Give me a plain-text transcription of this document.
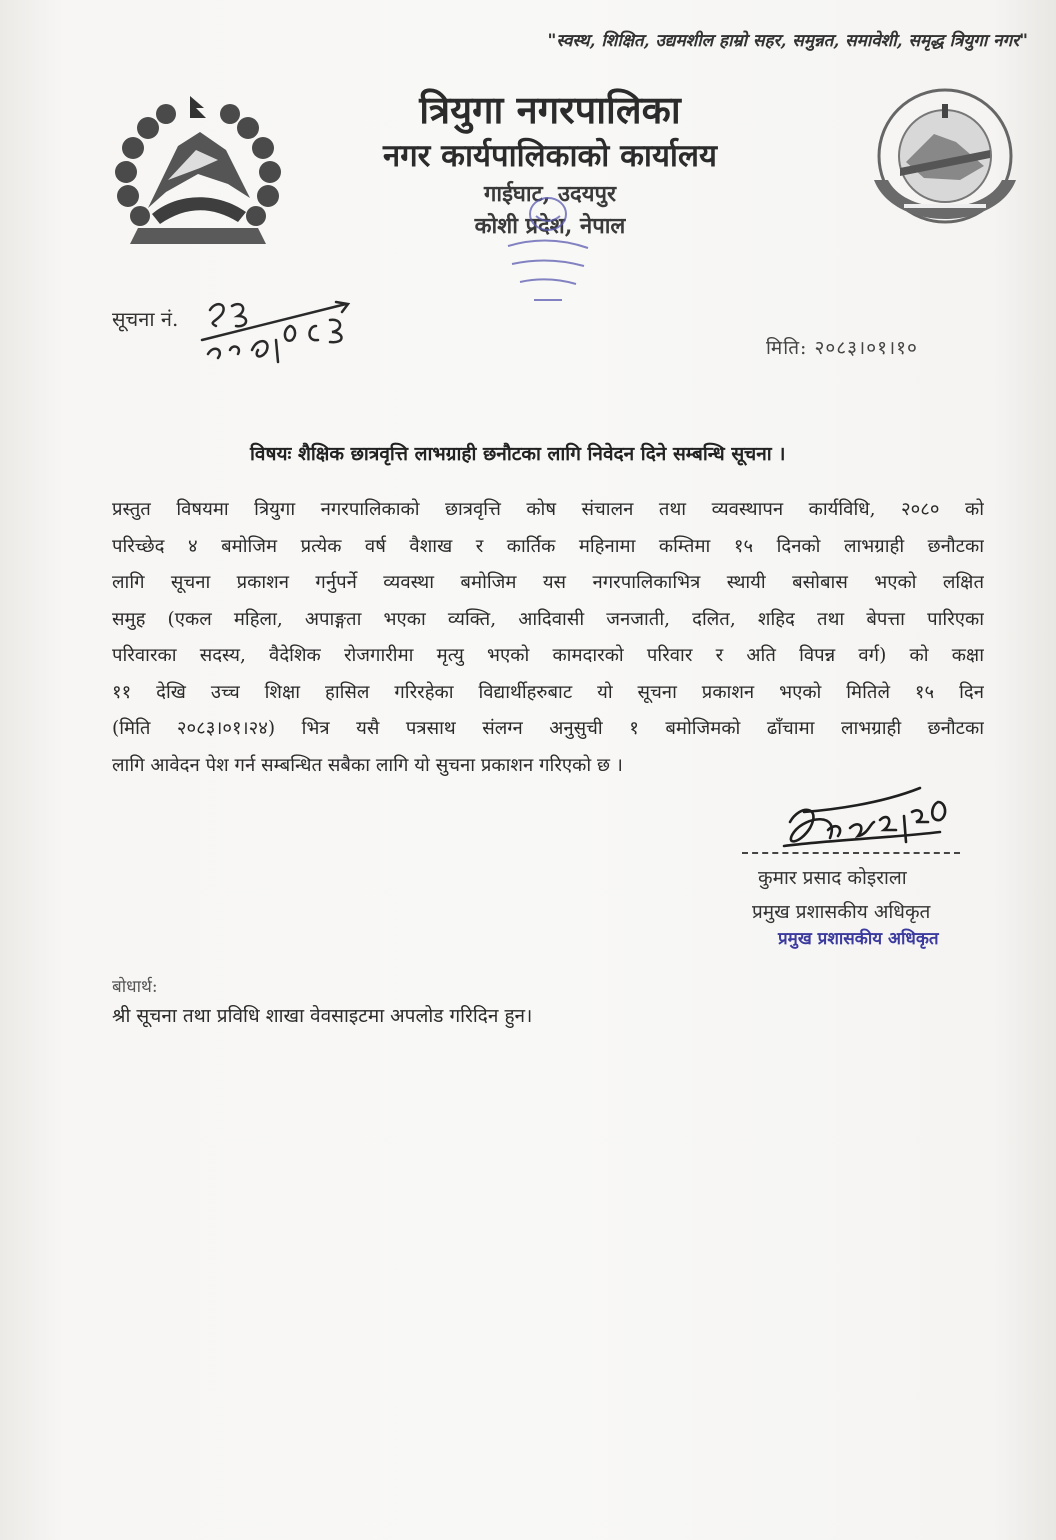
"स्वस्थ, शिक्षित, उद्यमशील हाम्रो सहर, समुन्नत, समावेशी, समृद्ध त्रियुगा नगर"
त्रियुगा नगरपालिका
नगर कार्यपालिकाको कार्यालय
गाईघाट, उदयपुर
कोशी प्रदेश, नेपाल
सूचना नं.
मिति: २०८३।०१।१०
विषयः शैक्षिक छात्रवृत्ति लाभग्राही छनौटका लागि निवेदन दिने सम्बन्धि सूचना ।
प्रस्तुत विषयमा त्रियुगा नगरपालिकाको छात्रवृत्ति कोष संचालन तथा व्यवस्थापन कार्यविधि, २०८० को
परिच्छेद ४ बमोजिम प्रत्येक वर्ष वैशाख र कार्तिक महिनामा कम्तिमा १५ दिनको लाभग्राही छनौटका
लागि सूचना प्रकाशन गर्नुपर्ने व्यवस्था बमोजिम यस नगरपालिकाभित्र स्थायी बसोबास भएको लक्षित
समुह (एकल महिला, अपाङ्गता भएका व्यक्ति, आदिवासी जनजाती, दलित, शहिद तथा बेपत्ता पारिएका
परिवारका सदस्य, वैदेशिक रोजगारीमा मृत्यु भएको कामदारको परिवार र अति विपन्न वर्ग) को कक्षा
११ देखि उच्च शिक्षा हासिल गरिरहेका विद्यार्थीहरुबाट यो सूचना प्रकाशन भएको मितिले १५ दिन
(मिति २०८३।०१।२४) भित्र यसै पत्रसाथ संलग्न अनुसुची १ बमोजिमको ढाँचामा लाभग्राही छनौटका
लागि आवेदन पेश गर्न सम्बन्धित सबैका लागि यो सुचना प्रकाशन गरिएको छ ।
कुमार प्रसाद कोइराला
प्रमुख प्रशासकीय अधिकृत
प्रमुख प्रशासकीय अधिकृत
बोधार्थ:
श्री सूचना तथा प्रविधि शाखा वेवसाइटमा अपलोड गरिदिन हुन।
